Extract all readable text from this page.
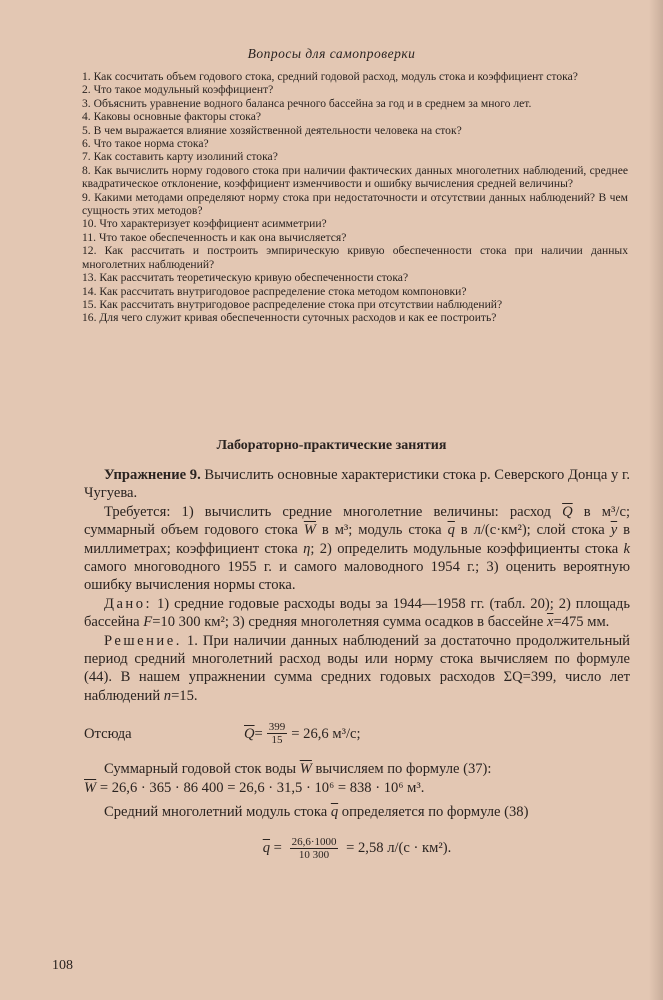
Вопросы для самопроверки

1. Как сосчитать объем годового стока, средний годовой расход, модуль стока и коэффициент стока?

2. Что такое модульный коэффициент?

3. Объяснить уравнение водного баланса речного бассейна за год и в среднем за много лет.

4. Каковы основные факторы стока?

5. В чем выражается влияние хозяйственной деятельности человека на сток?

6. Что такое норма стока?

7. Как составить карту изолиний стока?

8. Как вычислить норму годового стока при наличии фактических данных многолетних наблюдений, среднее квадратическое отклонение, коэффициент изменчивости и ошибку вычисления средней величины?

9. Какими методами определяют норму стока при недостаточности и отсутствии данных наблюдений? В чем сущность этих методов?

10. Что характеризует коэффициент асимметрии?

11. Что такое обеспеченность и как она вычисляется?

12. Как рассчитать и построить эмпирическую кривую обеспеченности стока при наличии данных многолетних наблюдений?

13. Как рассчитать теоретическую кривую обеспеченности стока?

14. Как рассчитать внутригодовое распределение стока методом компоновки?

15. Как рассчитать внутригодовое распределение стока при отсутствии наблюдений?

16. Для чего служит кривая обеспеченности суточных расходов и как ее построить?

Лабораторно-практические занятия

Упражнение 9. Вычислить основные характеристики стока р. Северского Донца у г. Чугуева.

Требуется: 1) вычислить средние многолетние величины: расход $\overline{Q}$ в м³/с; суммарный объем годового стока $\overline{W}$ в м³; модуль стока $\overline{q}$ в л/(с·км²); слой стока $\overline{y}$ в миллиметрах; коэффициент стока η; 2) определить модульные коэффициенты стока k самого многоводного 1955 г. и самого маловодного 1954 г.; 3) оценить вероятную ошибку вычисления нормы стока.

Дано: 1) средние годовые расходы воды за 1944—1958 гг. (табл. 20); 2) площадь бассейна F=10 300 км²; 3) средняя многолетняя сумма осадков в бассейне $\overline{x}=475$ мм.

Решение. 1. При наличии данных наблюдений за достаточно продолжительный период средний многолетний расход воды или норму стока вычисляем по формуле (44). В нашем упражнении сумма средних годовых расходов ΣQ=399, число лет наблюдений n=15.

Отсюда	$\overline{Q} = \frac{399}{15} = 26,6$ м³/с;

Суммарный годовой сток воды $\overline{W}$ вычисляем по формуле (37):

$\overline{W} = 26,6 \cdot 365 \cdot 86$ 400 = 26,6 · 31,5 · 10⁶ = 838 · 10⁶ м³.

Средний многолетний модуль стока $\overline{q}$ определяется по формуле (38)

$\overline{q} = \frac{26,6\cdot 1000}{10 300} = 2,58$ л/(с · км²).
108
